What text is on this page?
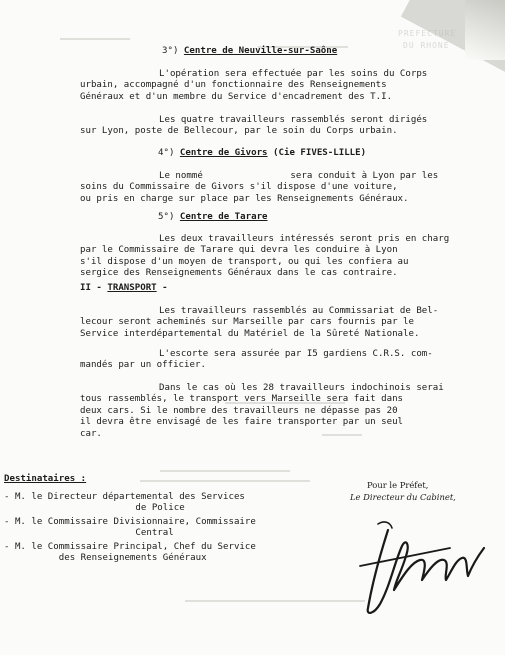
PREFECTURE
DU RHONE
3°) Centre de Neuville-sur-Saône
L'opération sera effectuée par les soins du Corps
urbain, accompagné d'un fonctionnaire des Renseignements
Généraux et d'un membre du Service d'encadrement des T.I.
Les quatre travailleurs rassemblés seront dirigés
sur Lyon, poste de Bellecour, par le soin du Corps urbain.
4°) Centre de Givors (Cie FIVES-LILLE)
Le nommé                sera conduit à Lyon par les
soins du Commissaire de Givors s'il dispose d'une voiture,
ou pris en charge sur place par les Renseignements Généraux.
5°) Centre de Tarare
Les deux travailleurs intéressés seront pris en charg
par le Commissaire de Tarare qui devra les conduire à Lyon
s'il dispose d'un moyen de transport, ou qui les confiera au
sergice des Renseignements Généraux dans le cas contraire.
II - TRANSPORT -
Les travailleurs rassemblés au Commissariat de Bel-
lecour seront acheminés sur Marseille par cars fournis par le
Service interdépartemental du Matériel de la Sûreté Nationale.
L'escorte sera assurée par I5 gardiens C.R.S. com-
mandés par un officier.
Dans le cas où les 28 travailleurs indochinois serai
tous rassemblés, le transport vers Marseille sera fait dans
deux cars. Si le nombre des travailleurs ne dépasse pas 20
il devra être envisagé de les faire transporter par un seul
car.
Pour le Préfet,
Le Directeur du Cabinet,
Destinataires :
- M. le Directeur départemental des Services
de Police
- M. le Commissaire Divisionnaire, Commissaire
Central
- M. le Commissaire Principal, Chef du Service
des Renseignements Généraux
